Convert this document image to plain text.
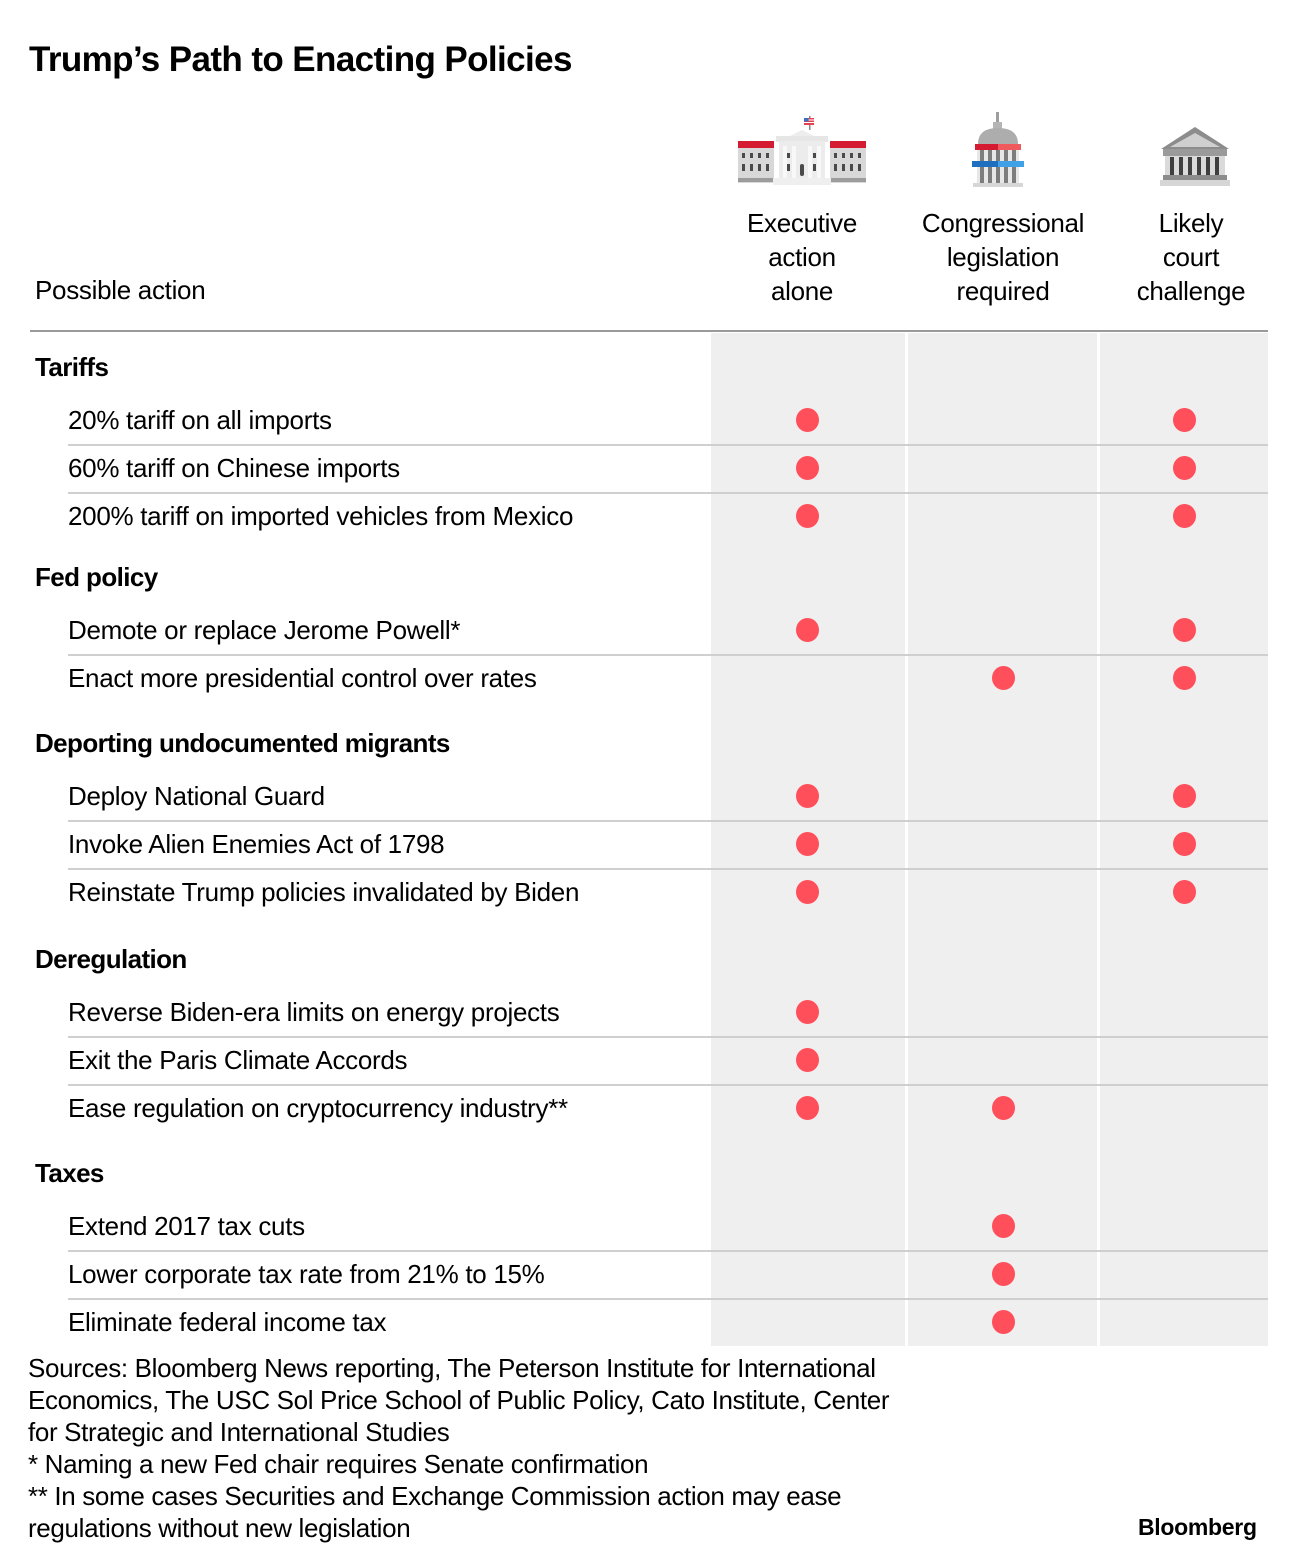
Trump’s Path to Enacting Policies
Possible action
Executive
action
alone
Congressional
legislation
required
Likely
court
challenge
Tariffs
20% tariff on all imports
60% tariff on Chinese imports
200% tariff on imported vehicles from Mexico
Fed policy
Demote or replace Jerome Powell*
Enact more presidential control over rates
Deporting undocumented migrants
Deploy National Guard
Invoke Alien Enemies Act of 1798
Reinstate Trump policies invalidated by Biden
Deregulation
Reverse Biden-era limits on energy projects
Exit the Paris Climate Accords
Ease regulation on cryptocurrency industry**
Taxes
Extend 2017 tax cuts
Lower corporate tax rate from 21% to 15%
Eliminate federal income tax
Sources: Bloomberg News reporting, The Peterson Institute for International
Economics, The USC Sol Price School of Public Policy, Cato Institute, Center
for Strategic and International Studies
* Naming a new Fed chair requires Senate confirmation
** In some cases Securities and Exchange Commission action may ease
regulations without new legislation	Bloomberg
